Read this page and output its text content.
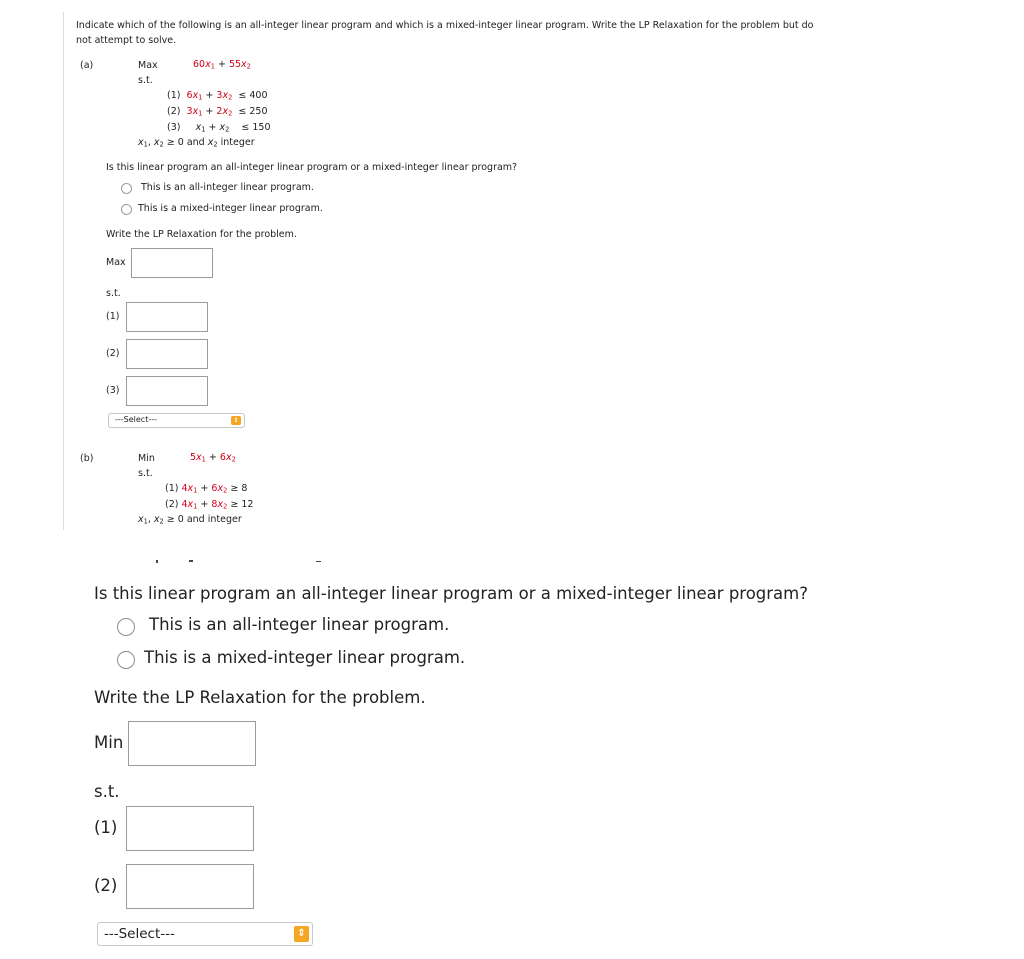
Indicate which of the following is an all-integer linear program and which is a mixed-integer linear program. Write the LP Relaxation for the problem but do
not attempt to solve.
(a)	Max	$60x_1 + 55x_2$
s.t.
(1) $6x_1 + 3x_2 \le 400$
(2) $3x_1 + 2x_2 \le 250$
(3) $x_1 + x_2 \le 150$
$x_1$, $x_2 \ge 0$ and $x_2$ integer
Is this linear program an all-integer linear program or a mixed-integer linear program?
This is an all-integer linear program.
This is a mixed-integer linear program.
Write the LP Relaxation for the problem.
Max
s.t.
(1)
(2)
(3)
---Select---	⇕
(b)	Min	$5x_1 + 6x_2$
s.t.
(1) $4x_1 + 6x_2 \ge 8$
(2) $4x_1 + 8x_2 \ge 12$
$x_1$, $x_2 \ge 0$ and integer
Is this linear program an all-integer linear program or a mixed-integer linear program?
This is an all-integer linear program.
This is a mixed-integer linear program.
Write the LP Relaxation for the problem.
Min
s.t.
(1)
(2)
---Select---	⇕
